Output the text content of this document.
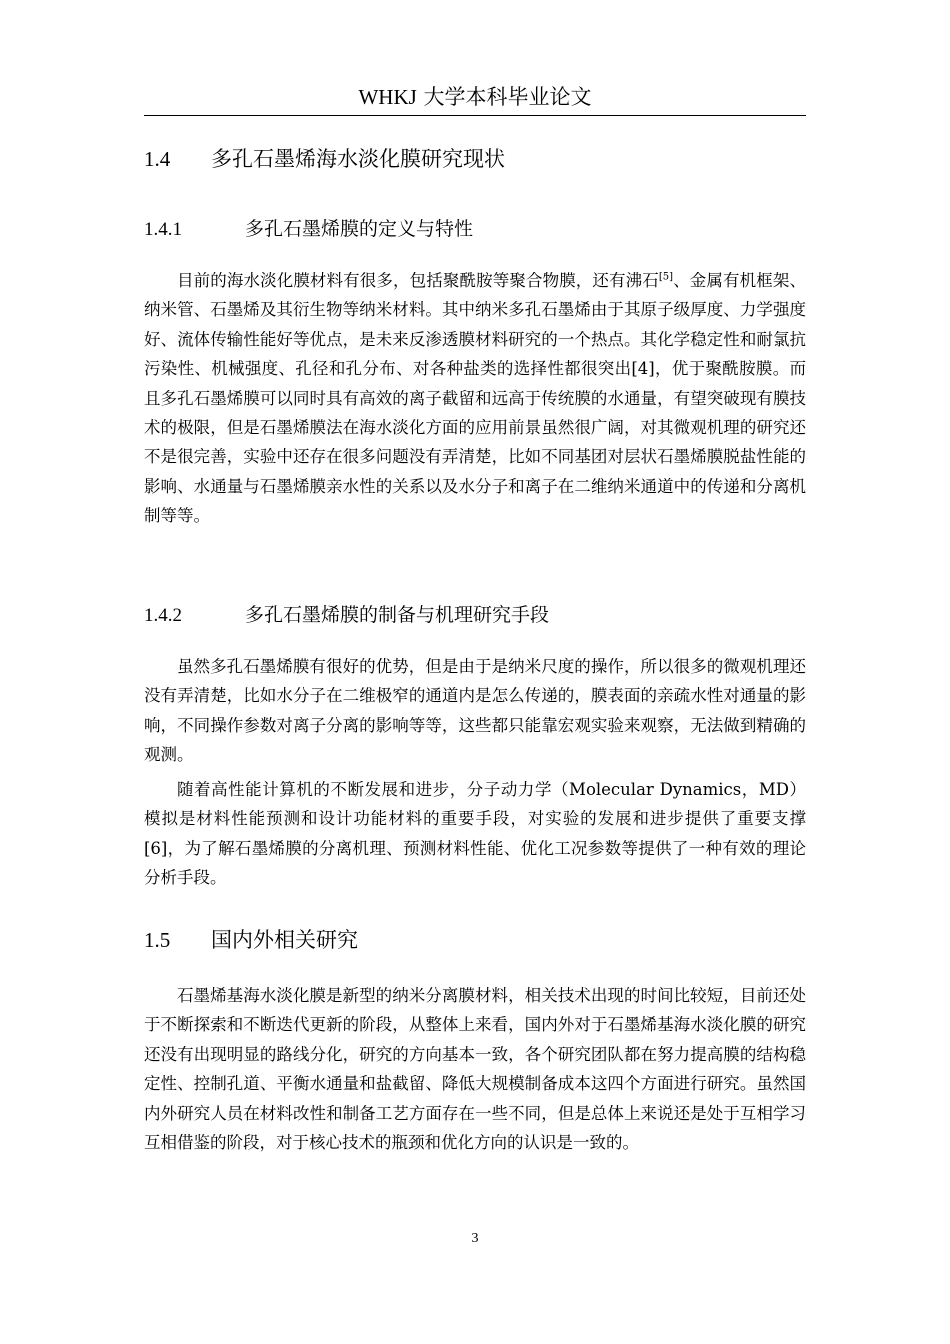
WHKJ 大学本科毕业论文
1.4 多孔石墨烯海水淡化膜研究现状
1.4.1	多孔石墨烯膜的定义与特性

目前的海水淡化膜材料有很多，包括聚酰胺等聚合物膜，还有沸石[5]、金属有机框架、纳米管、石墨烯及其衍生物等纳米材料。其中纳米多孔石墨烯由于其原子级厚度、力学强度好、流体传输性能好等优点，是未来反渗透膜材料研究的一个热点。其化学稳定性和耐氯抗污染性、机械强度、孔径和孔分布、对各种盐类的选择性都很突出[4]，优于聚酰胺膜。而且多孔石墨烯膜可以同时具有高效的离子截留和远高于传统膜的水通量，有望突破现有膜技术的极限，但是石墨烯膜法在海水淡化方面的应用前景虽然很广阔，对其微观机理的研究还不是很完善，实验中还存在很多问题没有弄清楚，比如不同基团对层状石墨烯膜脱盐性能的影响、水通量与石墨烯膜亲水性的关系以及水分子和离子在二维纳米通道中的传递和分离机制等等。

1.4.2	多孔石墨烯膜的制备与机理研究手段

虽然多孔石墨烯膜有很好的优势，但是由于是纳米尺度的操作，所以很多的微观机理还没有弄清楚，比如水分子在二维极窄的通道内是怎么传递的，膜表面的亲疏水性对通量的影响，不同操作参数对离子分离的影响等等，这些都只能靠宏观实验来观察，无法做到精确的观测。

随着高性能计算机的不断发展和进步，分子动力学（Molecular Dynamics，MD）模拟是材料性能预测和设计功能材料的重要手段，对实验的发展和进步提供了重要支撑[6]，为了解石墨烯膜的分离机理、预测材料性能、优化工况参数等提供了一种有效的理论分析手段。

1.5 国内外相关研究

石墨烯基海水淡化膜是新型的纳米分离膜材料，相关技术出现的时间比较短，目前还处于不断探索和不断迭代更新的阶段，从整体上来看，国内外对于石墨烯基海水淡化膜的研究还没有出现明显的路线分化，研究的方向基本一致，各个研究团队都在努力提高膜的结构稳定性、控制孔道、平衡水通量和盐截留、降低大规模制备成本这四个方面进行研究。虽然国内外研究人员在材料改性和制备工艺方面存在一些不同，但是总体上来说还是处于互相学习互相借鉴的阶段，对于核心技术的瓶颈和优化方向的认识是一致的。

3
